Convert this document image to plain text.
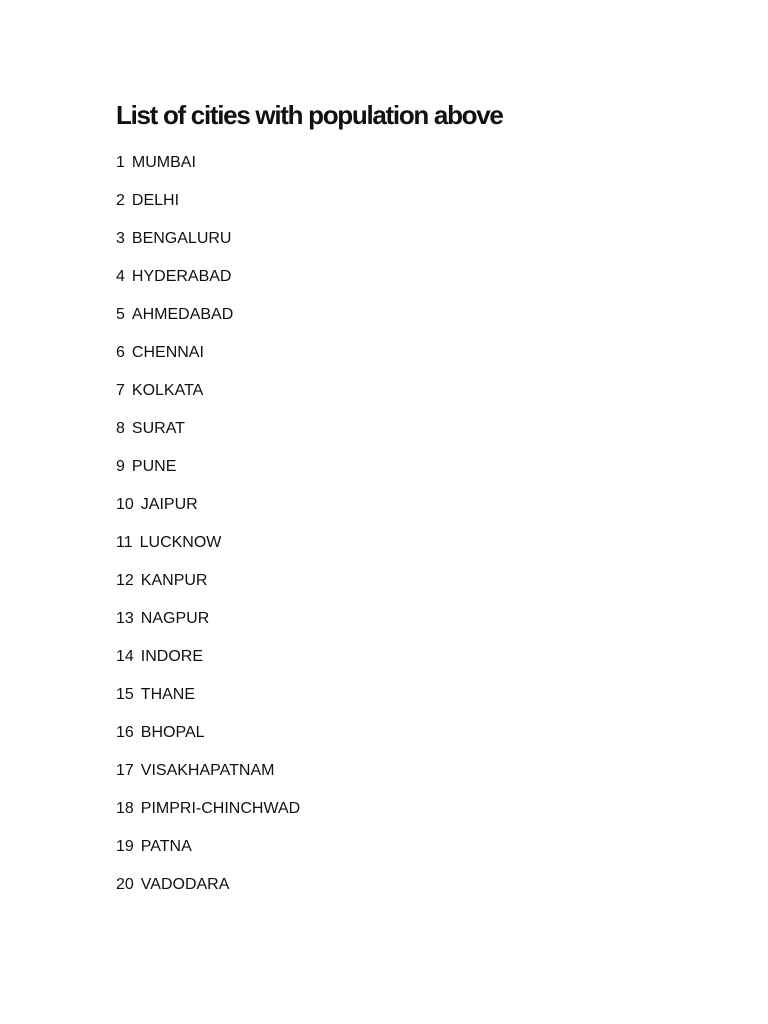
List of cities with population above
1 MUMBAI
2 DELHI
3 BENGALURU
4 HYDERABAD
5 AHMEDABAD
6 CHENNAI
7 KOLKATA
8 SURAT
9 PUNE
10 JAIPUR
11 LUCKNOW
12 KANPUR
13 NAGPUR
14 INDORE
15 THANE
16 BHOPAL
17 VISAKHAPATNAM
18 PIMPRI-CHINCHWAD
19 PATNA
20 VADODARA
